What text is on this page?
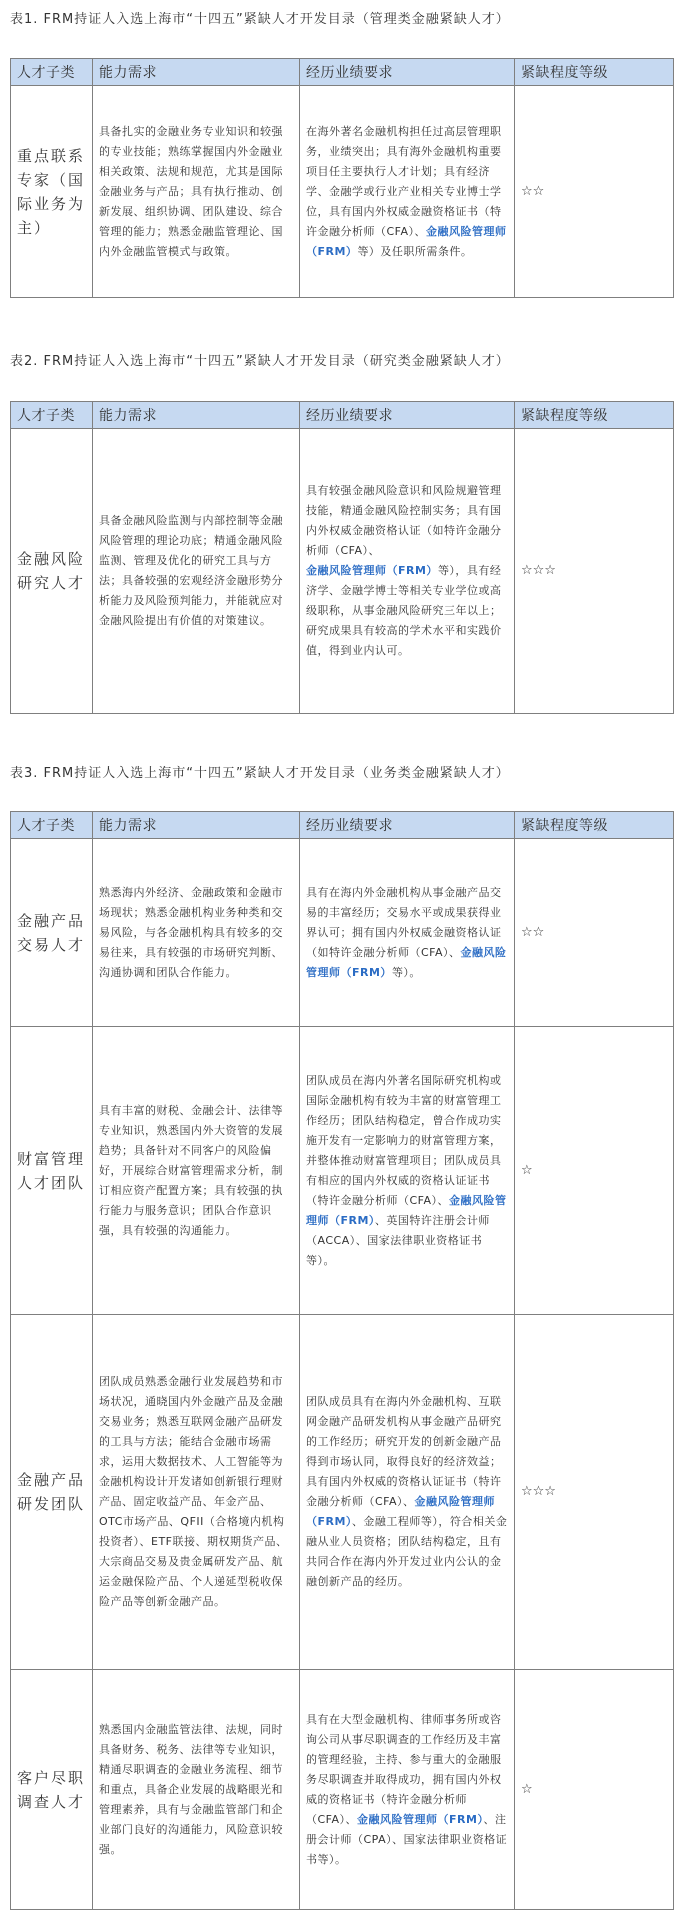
表1. FRM持证人入选上海市“十四五”紧缺人才开发目录（管理类金融紧缺人才）
人才子类	能力需求	经历业绩要求	紧缺程度等级
重点联系专家（国际业务为主）	具备扎实的金融业务专业知识和较强的专业技能；熟练掌握国内外金融业相关政策、法规和规范，尤其是国际金融业务与产品；具有执行推动、创新发展、组织协调、团队建设、综合管理的能力；熟悉金融监管理论、国内外金融监管模式与政策。	在海外著名金融机构担任过高层管理职务，业绩突出；具有海外金融机构重要项目任主要执行人才计划；具有经济学、金融学或行业产业相关专业博士学位，具有国内外权威金融资格证书（特许金融分析师（CFA）、金融风险管理师（FRM）等）及任职所需条件。	☆☆
表2. FRM持证人入选上海市“十四五”紧缺人才开发目录（研究类金融紧缺人才）
人才子类	能力需求	经历业绩要求	紧缺程度等级
金融风险研究人才	具备金融风险监测与内部控制等金融风险管理的理论功底；精通金融风险监测、管理及优化的研究工具与方法；具备较强的宏观经济金融形势分析能力及风险预判能力，并能就应对金融风险提出有价值的对策建议。	具有较强金融风险意识和风险规避管理技能，精通金融风险控制实务；具有国内外权威金融资格认证（如特许金融分析师（CFA）、金融风险管理师（FRM）等），具有经济学、金融学博士等相关专业学位或高级职称，从事金融风险研究三年以上；研究成果具有较高的学术水平和实践价值，得到业内认可。	☆☆☆
表3. FRM持证人入选上海市“十四五”紧缺人才开发目录（业务类金融紧缺人才）
人才子类	能力需求	经历业绩要求	紧缺程度等级
金融产品交易人才	熟悉海内外经济、金融政策和金融市场现状；熟悉金融机构业务种类和交易风险，与各金融机构具有较多的交易往来，具有较强的市场研究判断、沟通协调和团队合作能力。	具有在海内外金融机构从事金融产品交易的丰富经历；交易水平或成果获得业界认可；拥有国内外权威金融资格认证（如特许金融分析师（CFA）、金融风险管理师（FRM）等）。	☆☆
财富管理人才团队	具有丰富的财税、金融会计、法律等专业知识，熟悉国内外大资管的发展趋势；具备针对不同客户的风险偏好，开展综合财富管理需求分析，制订相应资产配置方案；具有较强的执行能力与服务意识；团队合作意识强，具有较强的沟通能力。	团队成员在海内外著名国际研究机构或国际金融机构有较为丰富的财富管理工作经历；团队结构稳定，曾合作成功实施开发有一定影响力的财富管理方案，并整体推动财富管理项目；团队成员具有相应的国内外权威的资格认证证书（特许金融分析师（CFA）、金融风险管理师（FRM）、英国特许注册会计师（ACCA）、国家法律职业资格证书等）。	☆
金融产品研发团队	团队成员熟悉金融行业发展趋势和市场状况，通晓国内外金融产品及金融交易业务；熟悉互联网金融产品研发的工具与方法；能结合金融市场需求，运用大数据技术、人工智能等为金融机构设计开发诸如创新银行理财产品、固定收益产品、年金产品、OTC市场产品、QFII（合格境内机构投资者）、ETF联接、期权期货产品、大宗商品交易及贵金属研发产品、航运金融保险产品、个人递延型税收保险产品等创新金融产品。	团队成员具有在海内外金融机构、互联网金融产品研发机构从事金融产品研究的工作经历；研究开发的创新金融产品得到市场认同，取得良好的经济效益；具有国内外权威的资格认证证书（特许金融分析师（CFA）、金融风险管理师（FRM）、金融工程师等），符合相关金融从业人员资格；团队结构稳定，且有共同合作在海内外开发过业内公认的金融创新产品的经历。	☆☆☆
客户尽职调查人才	熟悉国内金融监管法律、法规，同时具备财务、税务、法律等专业知识，精通尽职调查的金融业务流程、细节和重点，具备企业发展的战略眼光和管理素养，具有与金融监管部门和企业部门良好的沟通能力，风险意识较强。	具有在大型金融机构、律师事务所或咨询公司从事尽职调查的工作经历及丰富的管理经验，主持、参与重大的金融服务尽职调查并取得成功，拥有国内外权威的资格证书（特许金融分析师（CFA）、金融风险管理师（FRM）、注册会计师（CPA）、国家法律职业资格证书等）。	☆
